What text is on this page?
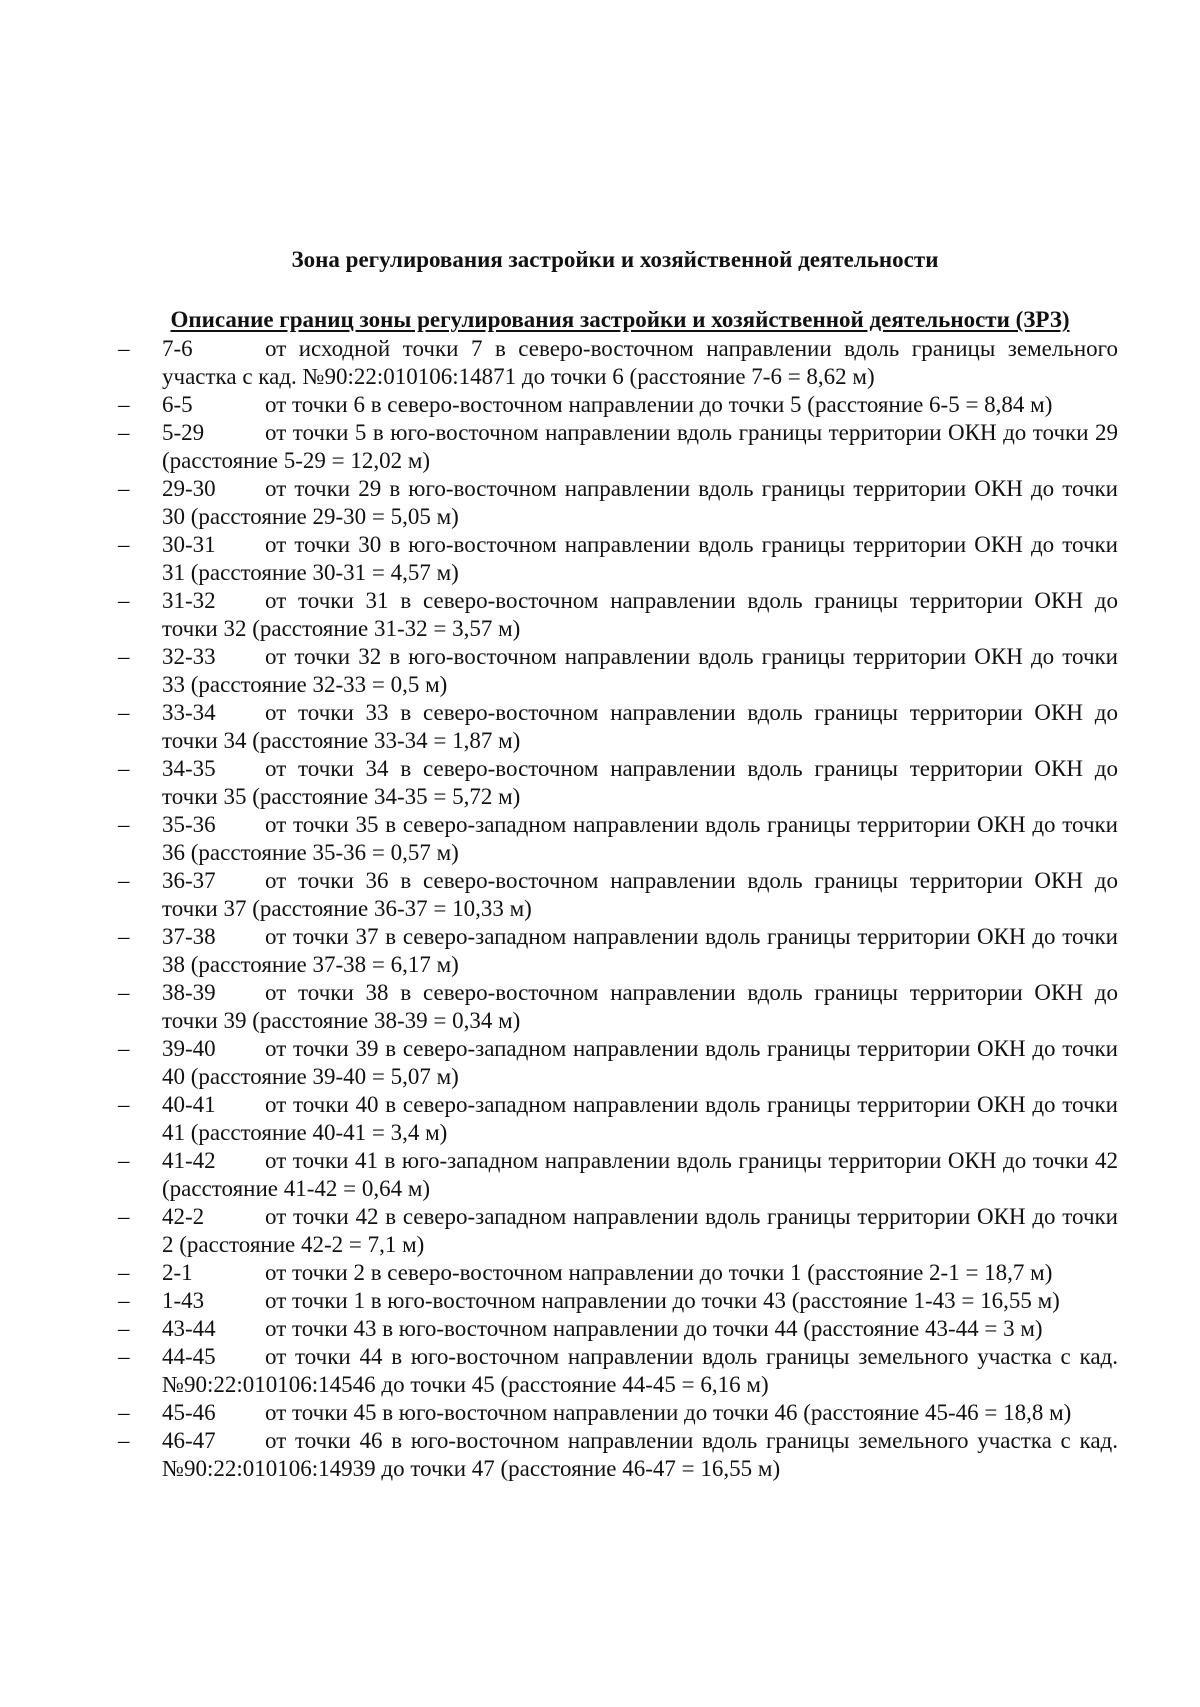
Зона регулирования застройки и хозяйственной деятельности
Описание границ зоны регулирования застройки и хозяйственной деятельности (ЗРЗ)
–	7-6	от исходной точки 7 в северо-восточном направлении вдоль границы земельного участка с кад. №90:22:010106:14871 до точки 6 (расстояние 7-6 = 8,62 м)
–	6-5	от точки 6 в северо-восточном направлении до точки 5 (расстояние 6-5 = 8,84 м)
–	5-29	от точки 5 в юго-восточном направлении вдоль границы территории ОКН до точки 29 (расстояние 5-29 = 12,02 м)
–	29-30 от точки 29 в юго-восточном направлении вдоль границы территории ОКН до точки 30 (расстояние 29-30 = 5,05 м)
–	30-31 от точки 30 в юго-восточном направлении вдоль границы территории ОКН до точки 31 (расстояние 30-31 = 4,57 м)
–	31-32 от точки 31 в северо-восточном направлении вдоль границы территории ОКН до точки 32 (расстояние 31-32 = 3,57 м)
–	32-33 от точки 32 в юго-восточном направлении вдоль границы территории ОКН до точки 33 (расстояние 32-33 = 0,5 м)
–	33-34 от точки 33 в северо-восточном направлении вдоль границы территории ОКН до точки 34 (расстояние 33-34 = 1,87 м)
–	34-35 от точки 34 в северо-восточном направлении вдоль границы территории ОКН до точки 35 (расстояние 34-35 = 5,72 м)
–	35-36 от точки 35 в северо-западном направлении вдоль границы территории ОКН до точки 36 (расстояние 35-36 = 0,57 м)
–	36-37 от точки 36 в северо-восточном направлении вдоль границы территории ОКН до точки 37 (расстояние 36-37 = 10,33 м)
–	37-38 от точки 37 в северо-западном направлении вдоль границы территории ОКН до точки 38 (расстояние 37-38 = 6,17 м)
–	38-39 от точки 38 в северо-восточном направлении вдоль границы территории ОКН до точки 39 (расстояние 38-39 = 0,34 м)
–	39-40 от точки 39 в северо-западном направлении вдоль границы территории ОКН до точки 40 (расстояние 39-40 = 5,07 м)
–	40-41 от точки 40 в северо-западном направлении вдоль границы территории ОКН до точки 41 (расстояние 40-41 = 3,4 м)
–	41-42 от точки 41 в юго-западном направлении вдоль границы территории ОКН до точки 42 (расстояние 41-42 = 0,64 м)
–	42-2	от точки 42 в северо-западном направлении вдоль границы территории ОКН до точки 2 (расстояние 42-2 = 7,1 м)
–	2-1	от точки 2 в северо-восточном направлении до точки 1 (расстояние 2-1 = 18,7 м)
–	1-43	от точки 1 в юго-восточном направлении до точки 43 (расстояние 1-43 = 16,55 м)
–	43-44 от точки 43 в юго-восточном направлении до точки 44 (расстояние 43-44 = 3 м)
–	44-45 от точки 44 в юго-восточном направлении вдоль границы земельного участка с кад. №90:22:010106:14546 до точки 45 (расстояние 44-45 = 6,16 м)
–	45-46 от точки 45 в юго-восточном направлении до точки 46 (расстояние 45-46 = 18,8 м)
–	46-47 от точки 46 в юго-восточном направлении вдоль границы земельного участка с кад. №90:22:010106:14939 до точки 47 (расстояние 46-47 = 16,55 м)
